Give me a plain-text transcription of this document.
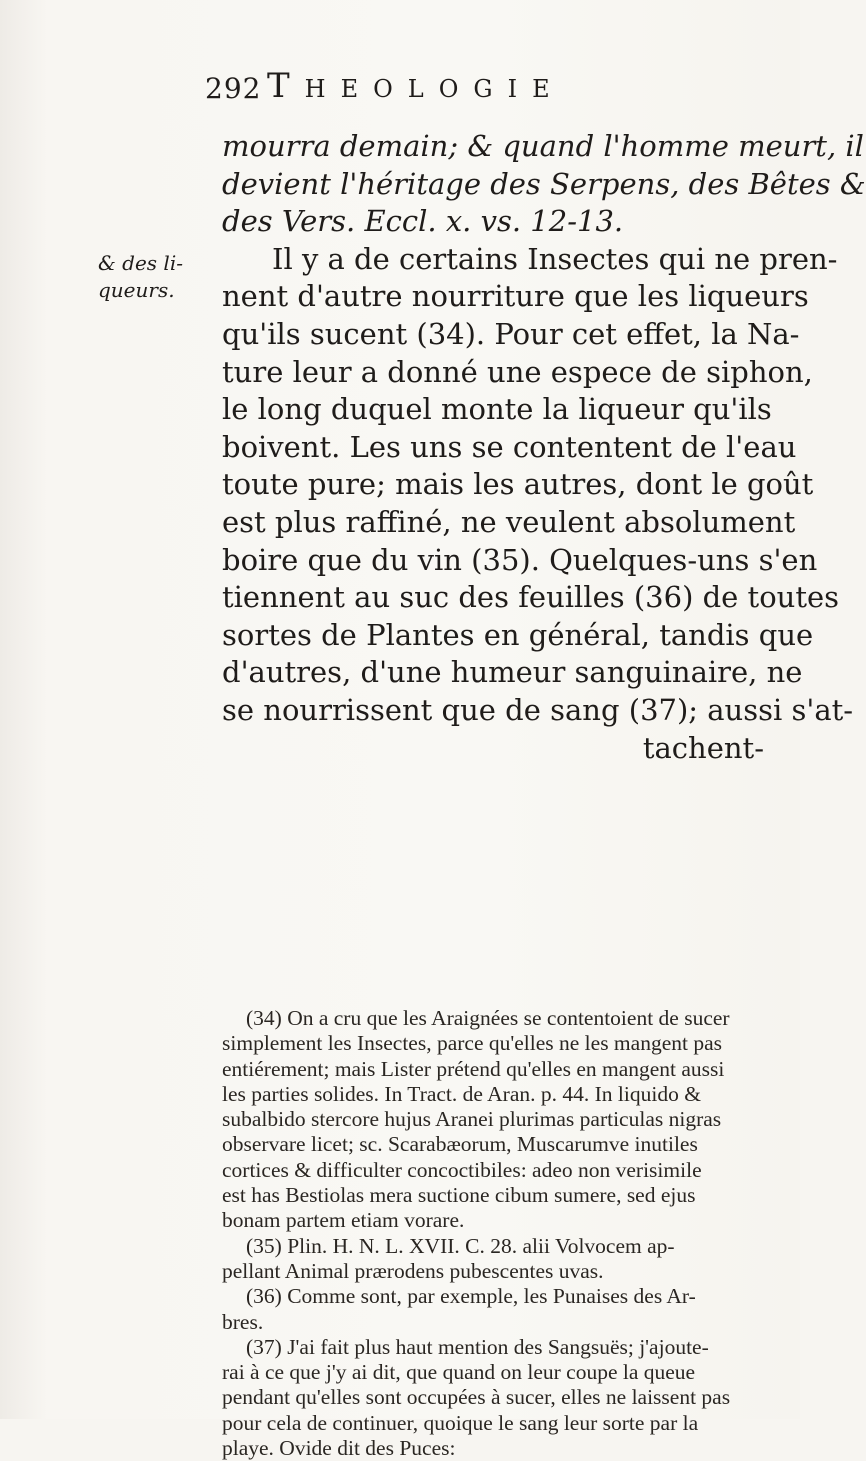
292 Theologie
& des li-
queurs.
mourra demain; & quand l'homme meurt, il
devient l'héritage des Serpens, des Bêtes &
des Vers. Eccl. x. vs. 12-13.
Il y a de certains Insectes qui ne pren-
nent d'autre nourriture que les liqueurs
qu'ils sucent (34). Pour cet effet, la Na-
ture leur a donné une espece de siphon,
le long duquel monte la liqueur qu'ils
boivent. Les uns se contentent de l'eau
toute pure; mais les autres, dont le goût
est plus raffiné, ne veulent absolument
boire que du vin (35). Quelques-uns s'en
tiennent au suc des feuilles (36) de toutes
sortes de Plantes en général, tandis que
d'autres, d'une humeur sanguinaire, ne
se nourrissent que de sang (37); aussi s'at-
tachent-
(34) On a cru que les Araignées se contentoient de sucer
simplement les Insectes, parce qu'elles ne les mangent pas
entiérement; mais Lister prétend qu'elles en mangent aussi
les parties solides. In Tract. de Aran. p. 44. In liquido &
subalbido stercore hujus Aranei plurimas particulas nigras
observare licet; sc. Scarabæorum, Muscarumve inutiles
cortices & difficulter concoctibiles: adeo non verisimile
est has Bestiolas mera suctione cibum sumere, sed ejus
bonam partem etiam vorare.
(35) Plin. H. N. L. XVII. C. 28. alii Volvocem ap-
pellant Animal prærodens pubescentes uvas.
(36) Comme sont, par exemple, les Punaises des Ar-
bres.
(37) J'ai fait plus haut mention des Sangsuës; j'ajoute-
rai à ce que j'y ai dit, que quand on leur coupe la queue
pendant qu'elles sont occupées à sucer, elles ne laissent pas
pour cela de continuer, quoique le sang leur sorte par la
playe. Ovide dit des Puces:
